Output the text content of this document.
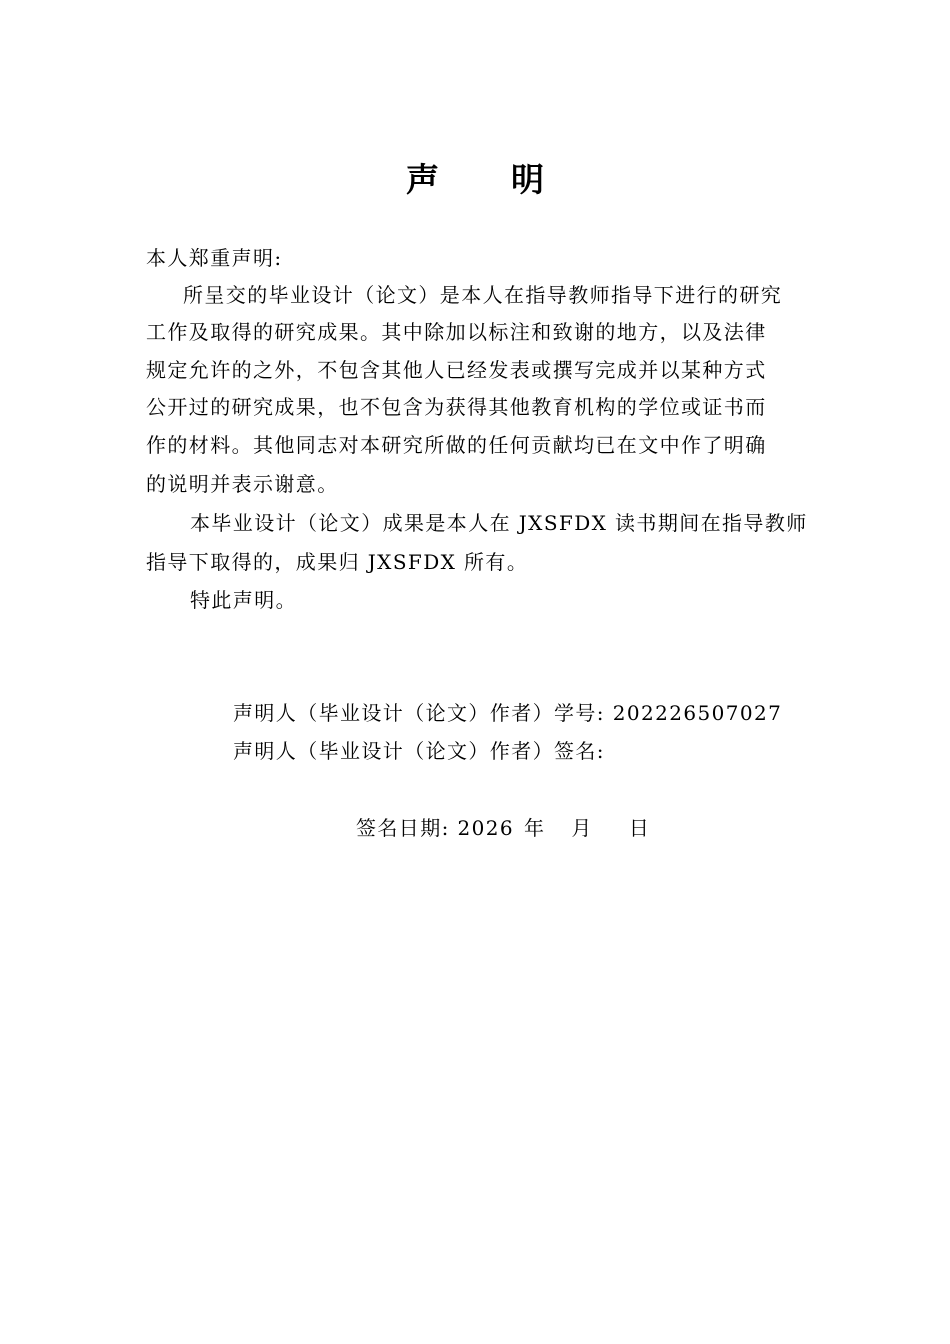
声明
本人郑重声明:
所呈交的毕业设计（论文）是本人在指导教师指导下进行的研究
工作及取得的研究成果。其中除加以标注和致谢的地方，以及法律
规定允许的之外，不包含其他人已经发表或撰写完成并以某种方式
公开过的研究成果，也不包含为获得其他教育机构的学位或证书而
作的材料。其他同志对本研究所做的任何贡献均已在文中作了明确
的说明并表示谢意。
本毕业设计（论文）成果是本人在 JXSFDX 读书期间在指导教师
指导下取得的，成果归 JXSFDX 所有。
特此声明。
声明人（毕业设计（论文）作者）学号: 202226507027
声明人（毕业设计（论文）作者）签名:
签名日期: 2026 年 月 日
